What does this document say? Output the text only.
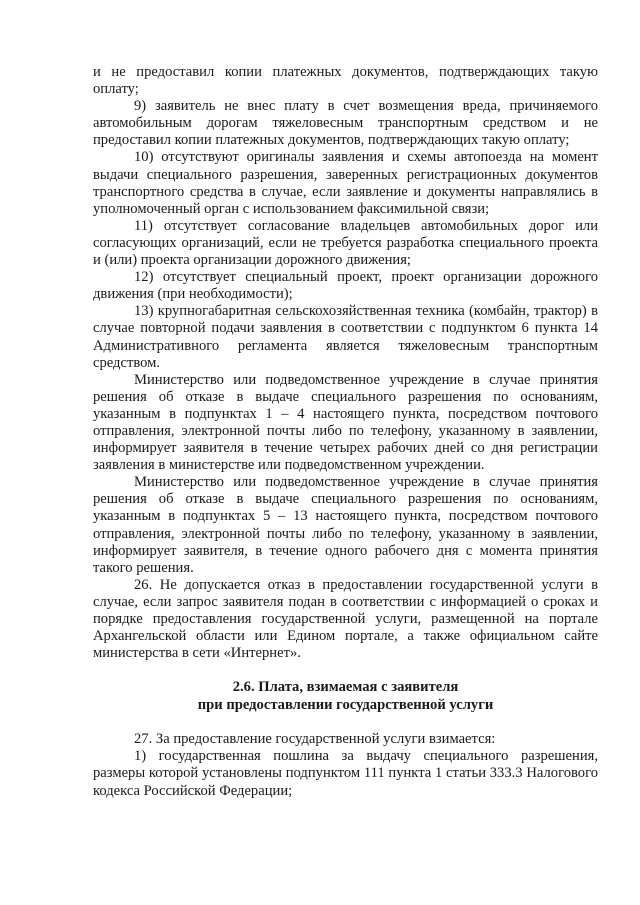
и не предоставил копии платежных документов, подтверждающих такую оплату;

9) заявитель не внес плату в счет возмещения вреда, причиняемого автомобильным дорогам тяжеловесным транспортным средством и не предоставил копии платежных документов, подтверждающих такую оплату;

10) отсутствуют оригиналы заявления и схемы автопоезда на момент выдачи специального разрешения, заверенных регистрационных документов транспортного средства в случае, если заявление и документы направлялись в уполномоченный орган с использованием факсимильной связи;

11) отсутствует согласование владельцев автомобильных дорог или согласующих организаций, если не требуется разработка специального проекта и (или) проекта организации дорожного движения;

12) отсутствует специальный проект, проект организации дорожного движения (при необходимости);

13) крупногабаритная сельскохозяйственная техника (комбайн, трактор) в случае повторной подачи заявления в соответствии с подпунктом 6 пункта 14 Административного регламента является тяжеловесным транспортным средством.

Министерство или подведомственное учреждение в случае принятия решения об отказе в выдаче специального разрешения по основаниям, указанным в подпунктах 1 – 4 настоящего пункта, посредством почтового отправления, электронной почты либо по телефону, указанному в заявлении, информирует заявителя в течение четырех рабочих дней со дня регистрации заявления в министерстве или подведомственном учреждении.

Министерство или подведомственное учреждение в случае принятия решения об отказе в выдаче специального разрешения по основаниям, указанным в подпунктах 5 – 13 настоящего пункта, посредством почтового отправления, электронной почты либо по телефону, указанному в заявлении, информирует заявителя, в течение одного рабочего дня с момента принятия такого решения.

26. Не допускается отказ в предоставлении государственной услуги в случае, если запрос заявителя подан в соответствии с информацией о сроках и порядке предоставления государственной услуги, размещенной на портале Архангельской области или Едином портале, а также официальном сайте министерства в сети «Интернет».

2.6. Плата, взимаемая с заявителя

при предоставлении государственной услуги

27. За предоставление государственной услуги взимается:

1) государственная пошлина за выдачу специального разрешения, размеры которой установлены подпунктом 111 пункта 1 статьи 333.3 Налогового кодекса Российской Федерации;
